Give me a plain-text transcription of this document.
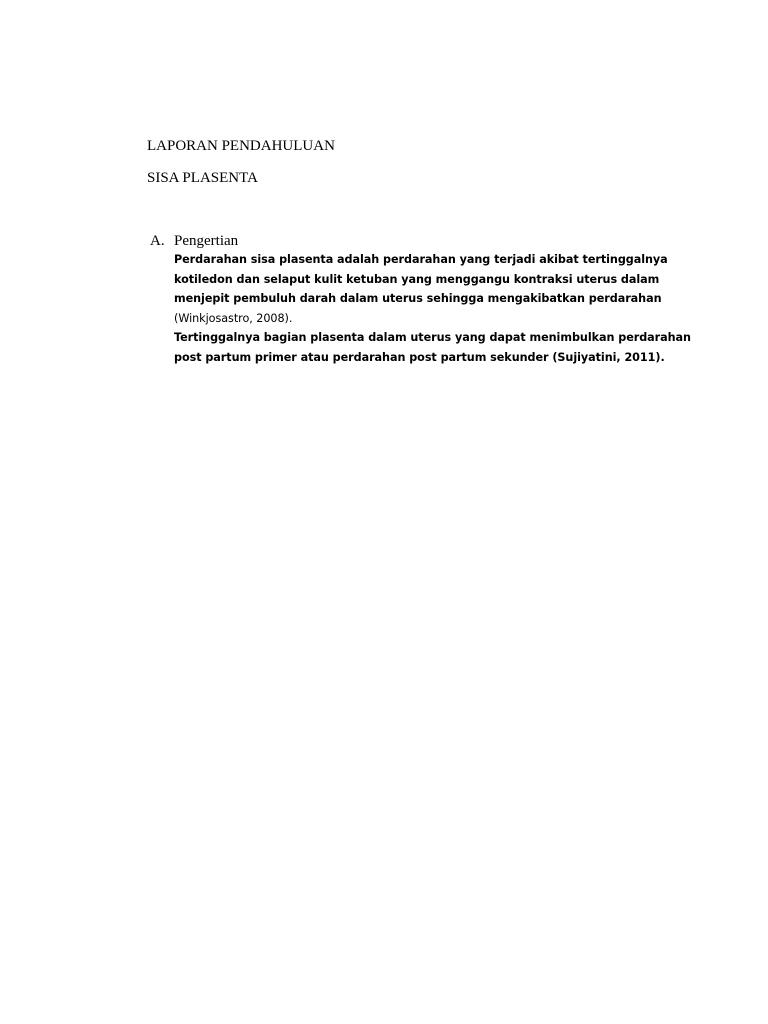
LAPORAN PENDAHULUAN
SISA PLASENTA

A. Pengertian

Perdarahan sisa plasenta adalah perdarahan yang terjadi akibat tertinggalnya
kotiledon dan selaput kulit ketuban yang menggangu kontraksi uterus dalam
menjepit pembuluh darah dalam uterus sehingga mengakibatkan perdarahan
(Winkjosastro, 2008).
Tertinggalnya bagian plasenta dalam uterus yang dapat menimbulkan perdarahan
post partum primer atau perdarahan post partum sekunder (Sujiyatini, 2011).
